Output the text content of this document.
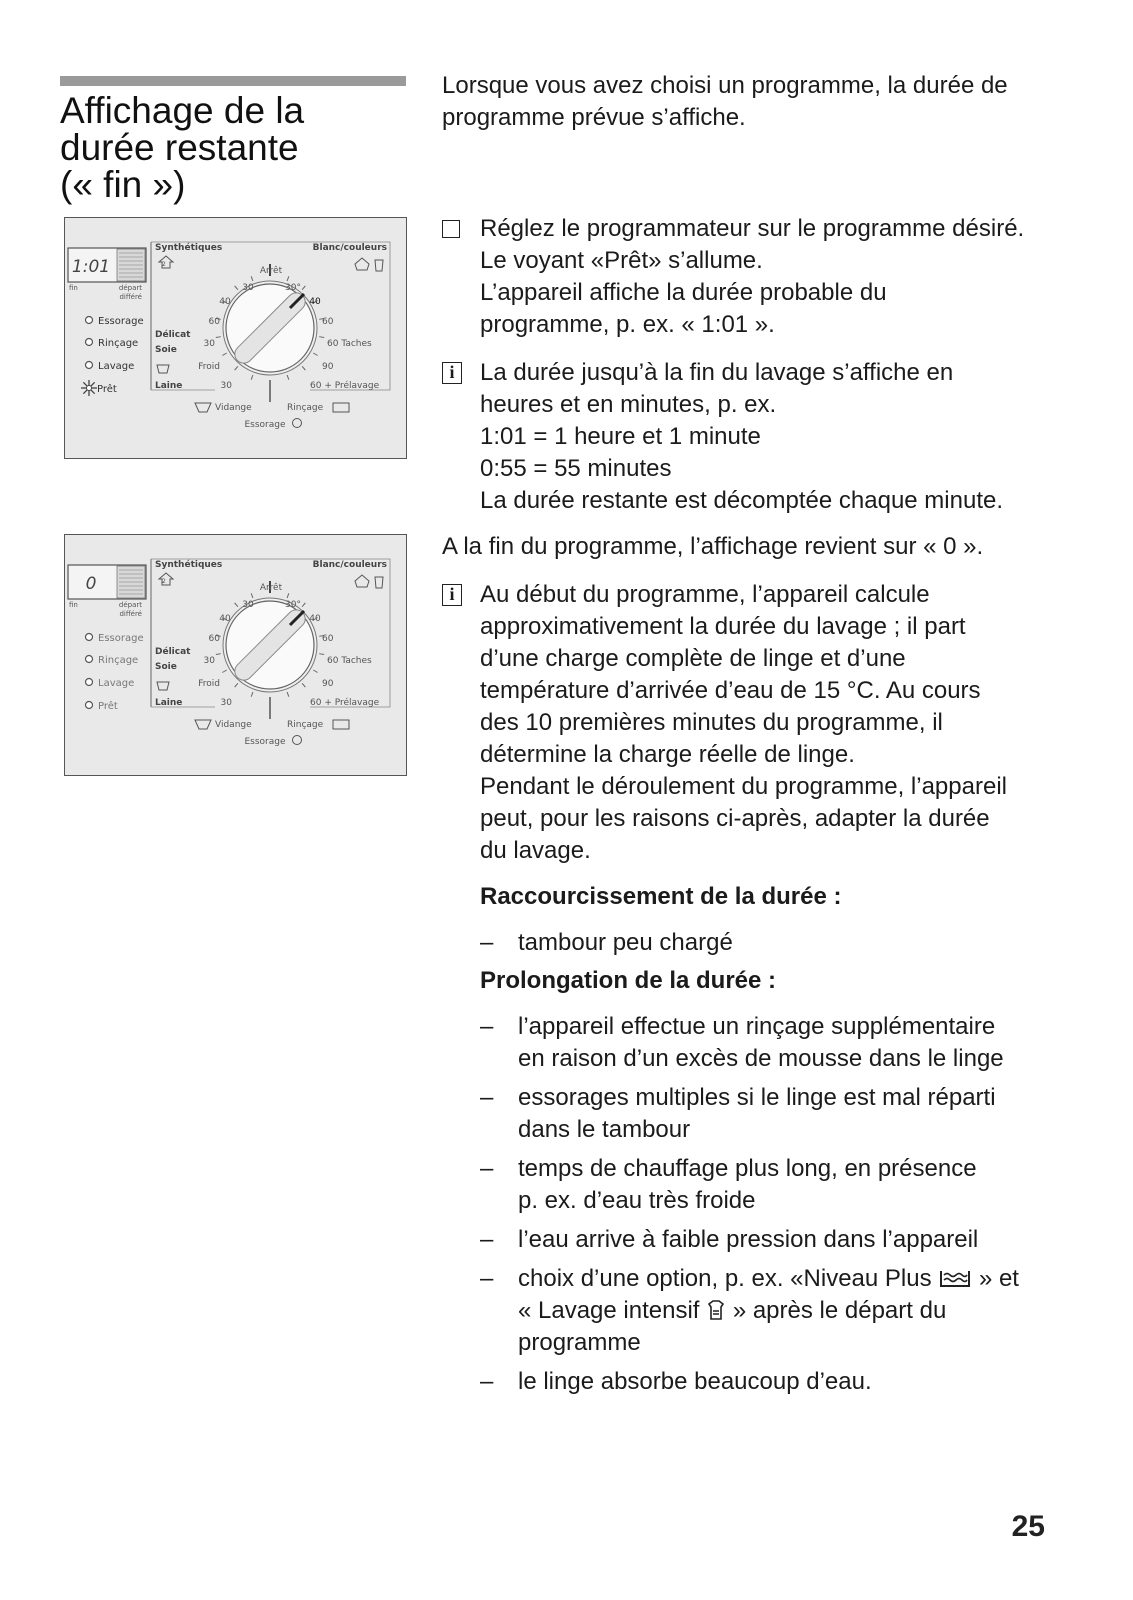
Affichage de la
durée restante
(« fin »)
1:01
fin	départ
différé
Essorage
Rinçage
Lavage
Prêt
Synthétiques	Blanc/couleurs
Délicat
Soie
Laine
2
Arrêt
30	30°
40	40
60	60
30	60 Taches
Froid	90
30	60 + Prélavage
Vidange	Rinçage
Essorage
0
fin	départ
différé
Essorage
Rinçage
Lavage
Prêt
Synthétiques	Blanc/couleurs
Délicat
Soie
Laine
2
Arrêt
30	30°
40	40
60	60
30	60 Taches
Froid	90
30	60 + Prélavage
Vidange	Rinçage
Essorage

Lorsque vous avez choisi un programme, la durée de
programme prévue s’affiche.

Réglez le programmateur sur le programme désiré.
Le voyant «Prêt» s’allume.
L’appareil affiche la durée probable du
programme, p. ex. « 1:01 ».
i	La durée jusqu’à la fin du lavage s’affiche en
heures et en minutes, p. ex.
1:01 = 1 heure et 1 minute
0:55 = 55 minutes
La durée restante est décomptée chaque minute.

A la fin du programme, l’affichage revient sur « 0 ».

i	Au début du programme, l’appareil calcule
approximativement la durée du lavage ; il part
d’une charge complète de linge et d’une
température d’arrivée d’eau de 15 °C. Au cours
des 10 premières minutes du programme, il
détermine la charge réelle de linge.
Pendant le déroulement du programme, l’appareil
peut, pour les raisons ci-après, adapter la durée
du lavage.

Raccourcissement de la durée :

– tambour peu chargé

Prolongation de la durée :

– l’appareil effectue un rinçage supplémentaire
en raison d’un excès de mousse dans le linge
– essorages multiples si le linge est mal réparti
dans le tambour
– temps de chauffage plus long, en présence
p. ex. d’eau très froide
– l’eau arrive à faible pression dans l’appareil
– choix d’une option, p. ex. «Niveau Plus » et
« Lavage intensif » après le départ du
programme
– le linge absorbe beaucoup d’eau.
25
